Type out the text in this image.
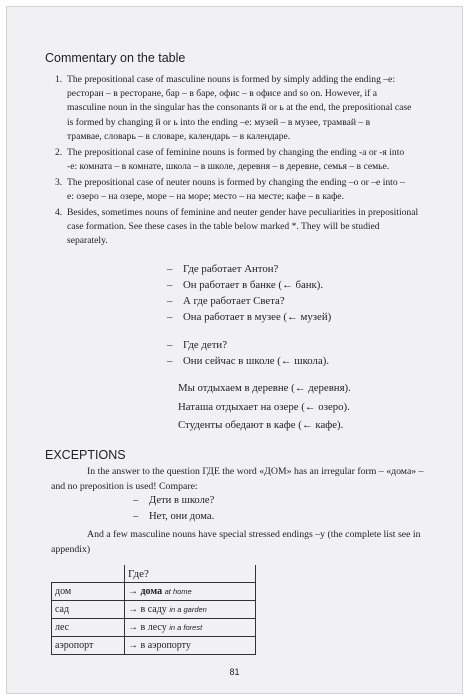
Commentary on the table
1. The prepositional case of masculine nouns is formed by simply adding the ending –е:

ресторан – в ресторане, бар – в баре, офис – в офисе and so on. However, if a

masculine noun in the singular has the consonants й or ь at the end, the prepositional case

is formed by changing й or ь into the ending –е: музей – в музее, трамвай – в

трамвае, словарь – в словаре, календарь – в календаре.

2. The prepositional case of feminine nouns is formed by changing the ending -а or -я into

-е: комната – в комнате, школа – в школе, деревня – в деревне, семья – в семье.

3. The prepositional case of neuter nouns is formed by changing the ending –о or –е into –

е: озеро – на озере, море – на море; место – на месте; кафе – в кафе.

4. Besides, sometimes nouns of feminine and neuter gender have peculiarities in prepositional

case formation. See these cases in the table below marked *. They will be studied

separately.

– Где работает Антон?
– Он работает в банке (← банк).
– А где работает Света?
– Она работает в музее (← музей)
– Где дети?
– Они сейчас в школе (← школа).
Мы отдыхаем в деревне (← деревня).
Наташа отдыхает на озере (← озеро).
Студенты обедают в кафе (← кафе).
EXCEPTIONS

In the answer to the question ГДЕ the word «ДОМ» has an irregular form – «дома» –

and no preposition is used! Compare:

– Дети в школе?
– Нет, они дома.

And a few masculine nouns have special stressed endings –у (the complete list see in

appendix)

	Где?
дом	→ дома at home
сад	→ в саду in a garden
лес	→ в лесу in a forest
аэропорт	→ в аэропорту
81
